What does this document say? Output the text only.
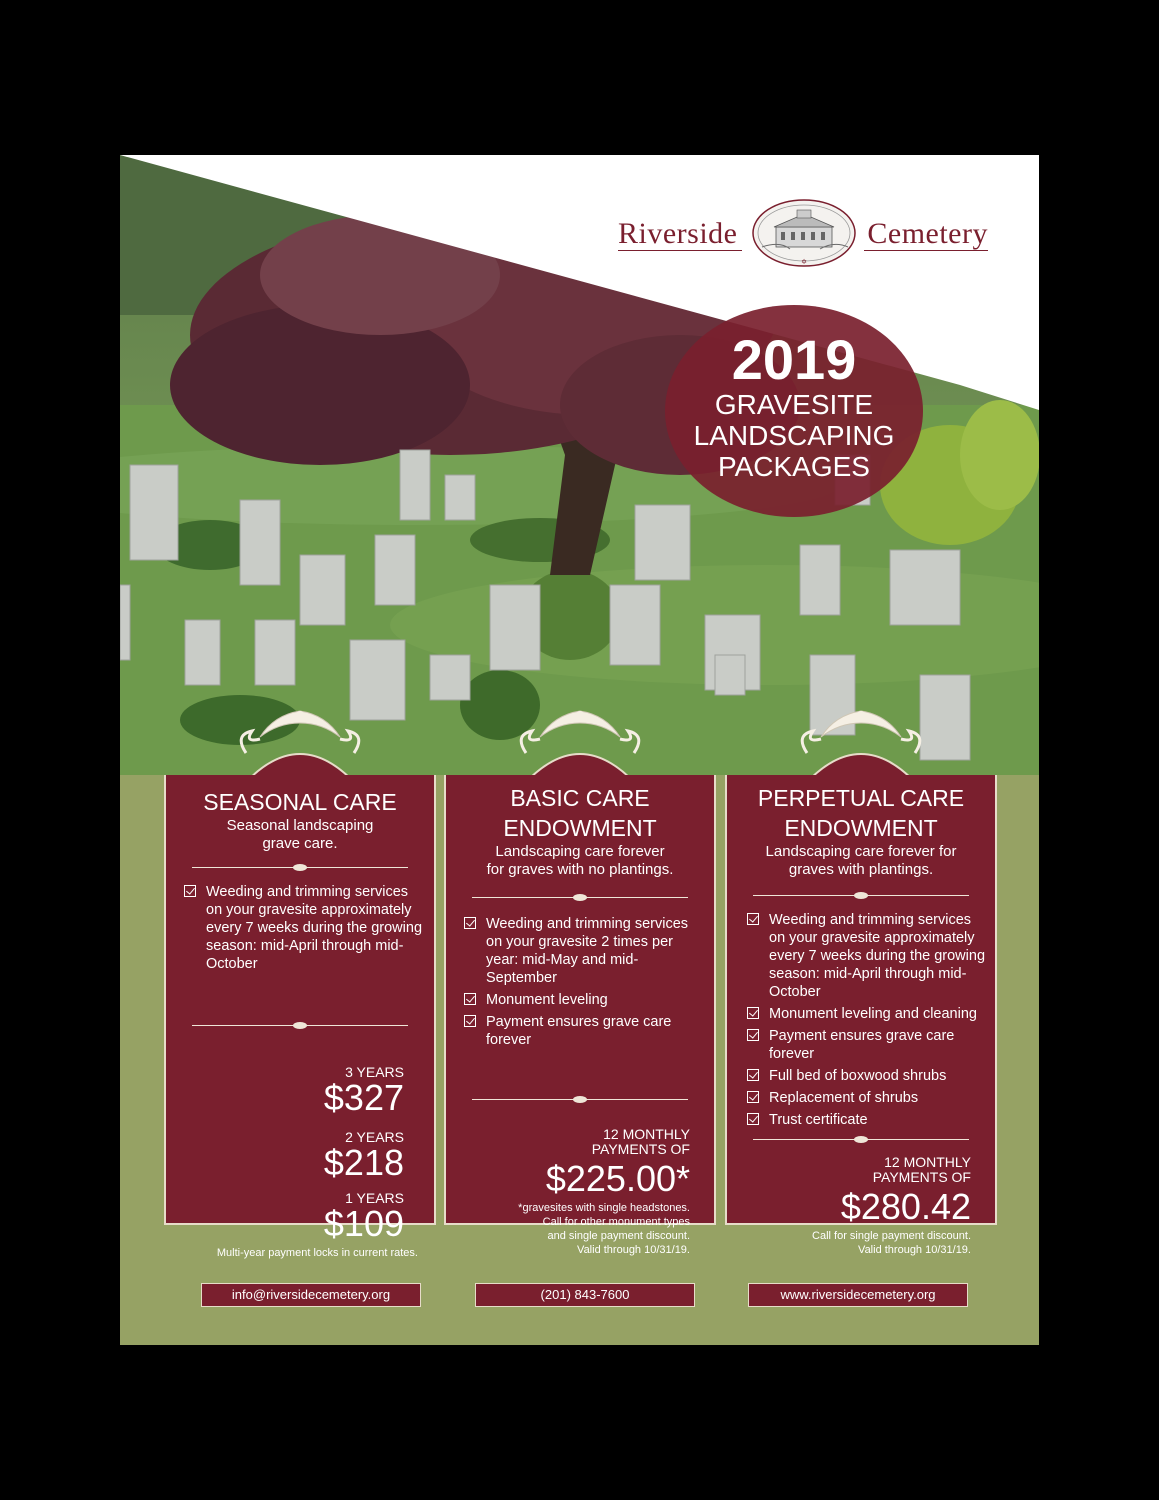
Riverside
✡
Cemetery
2019
GRAVESITE
LANDSCAPING
PACKAGES
SEASONAL CARE
Seasonal landscaping
grave care.
Weeding and trimming services on your gravesite approximately every 7 weeks during the growing season: mid-April through mid-October
3 YEARS
$327
2 YEARS
$218
1 YEARS
$109
Multi-year payment locks in current rates.
BASIC CARE
ENDOWMENT
Landscaping care forever
for graves with no plantings.
Weeding and trimming services on your gravesite 2 times per year: mid-May and mid-September
Monument leveling
Payment ensures grave care forever
12 MONTHLY
PAYMENTS OF
$225.00*
*gravesites with single headstones.
Call for other monument types
and single payment discount.
Valid through 10/31/19.
PERPETUAL CARE
ENDOWMENT
Landscaping care forever for
graves with plantings.
Weeding and trimming services on your gravesite approximately every 7 weeks during the growing season: mid-April through mid-October
Monument leveling and cleaning
Payment ensures grave care forever
Full bed of boxwood shrubs
Replacement of shrubs
Trust certificate
12 MONTHLY
PAYMENTS OF
$280.42
Call for single payment discount.
Valid through 10/31/19.
info@riversidecemetery.org	(201) 843-7600	www.riversidecemetery.org
